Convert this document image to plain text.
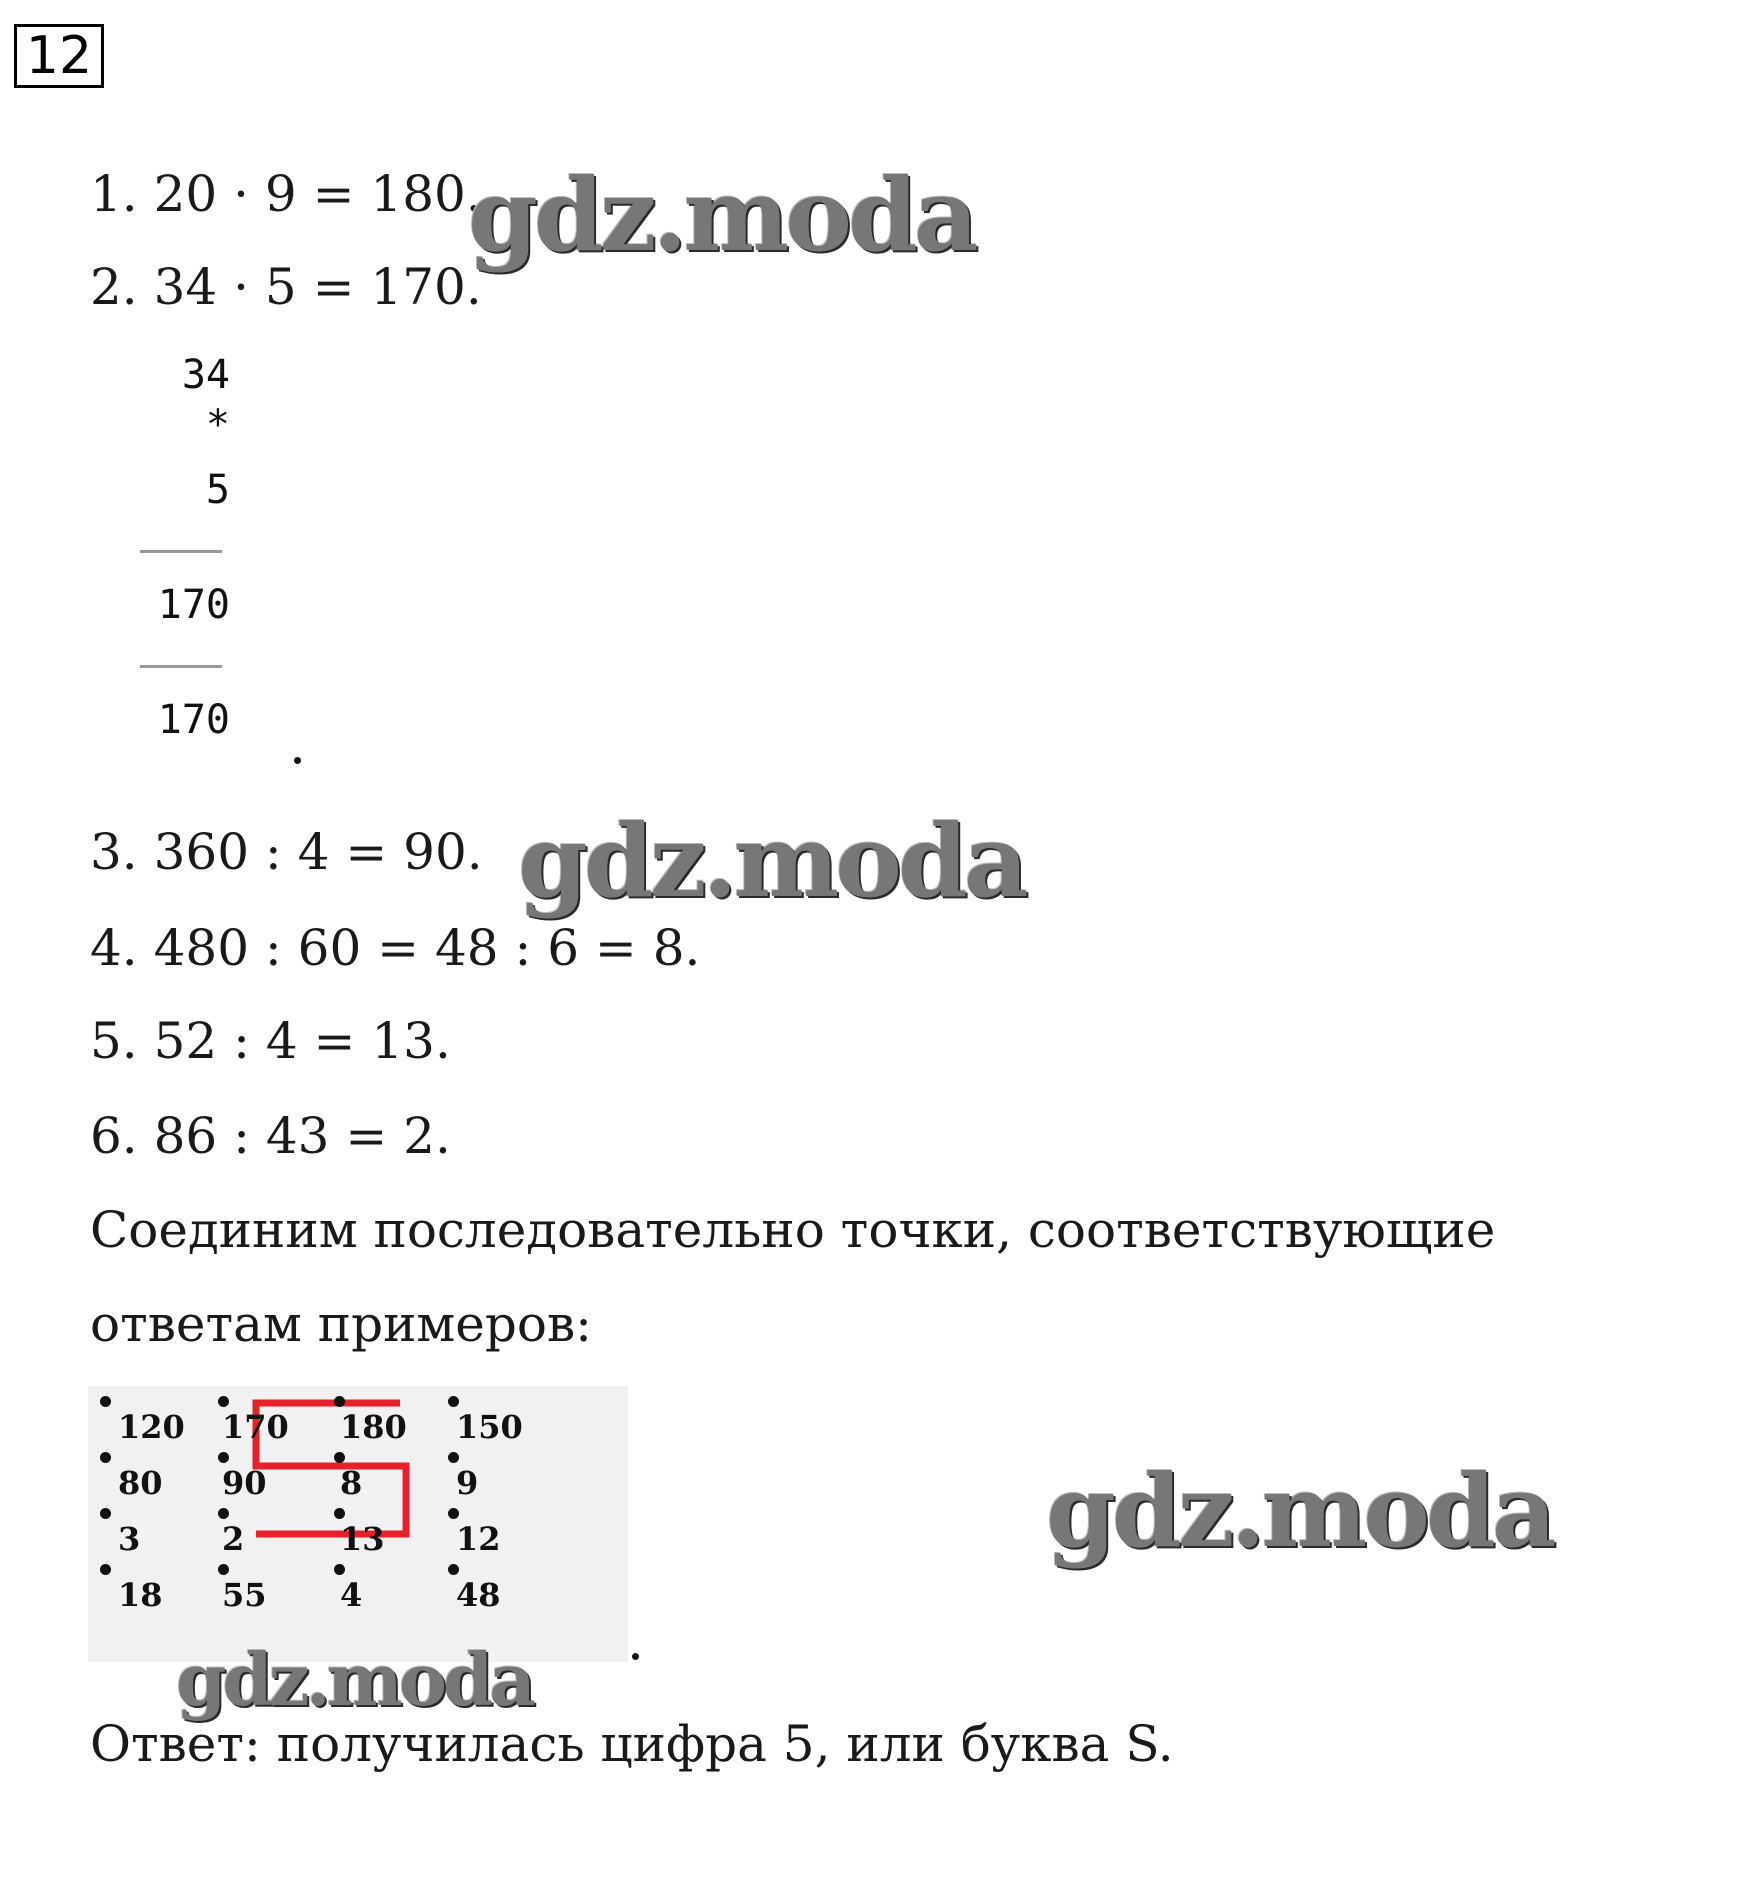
12
1. 20 · 9 = 180.
2. 34 · 5 = 170.
34
*
5
170
170
3. 360 : 4 = 90.
4. 480 : 60 = 48 : 6 = 8.
5. 52 : 4 = 13.
6. 86 : 43 = 2.
Соединим последовательно точки, соответствующие
ответам примеров:
120 170 180 150
80 90 8	9
3	2	13 12
18 55 4	48
Ответ: получилась цифра 5, или буква S.
gdz.moda
gdz.moda
gdz.moda
gdz.moda
